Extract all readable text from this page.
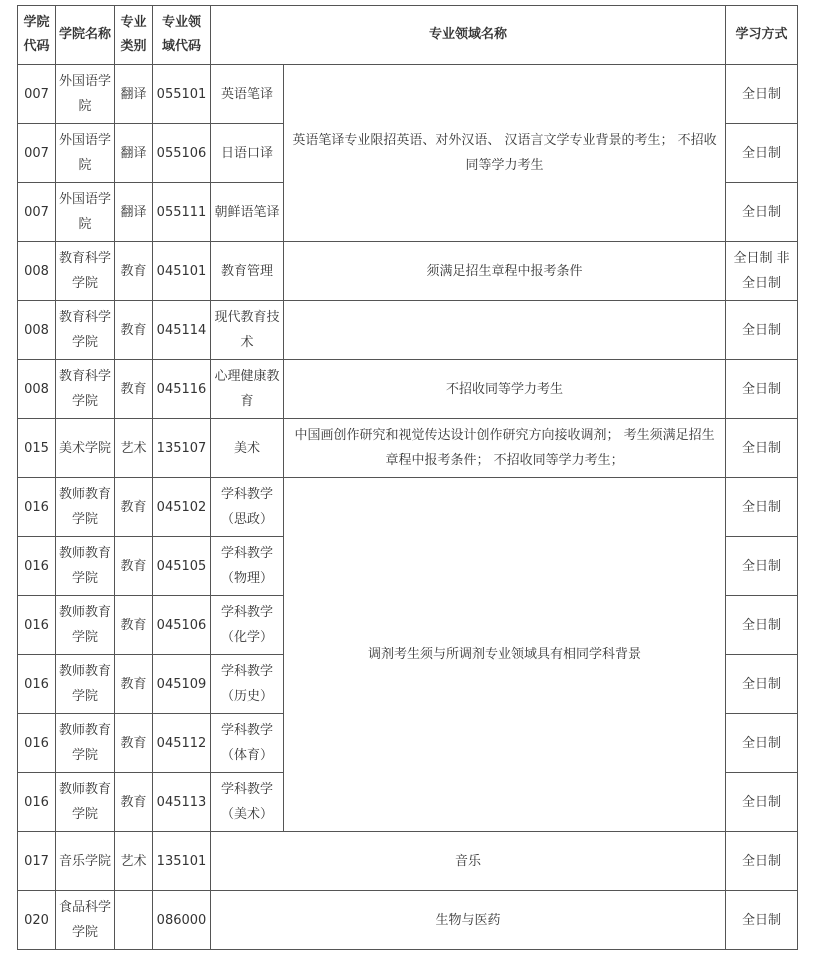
学院代码	学院名称	专业类别	专业领域代码	专业领域名称		学习方式
007	外国语学院	翻译	055101	英语笔译	英语笔译专业限招英语、对外汉语、 汉语言文学专业背景的考生； 不招收同等学力考生	全日制
007	外国语学院	翻译	055106	日语口译		全日制
007	外国语学院	翻译	055111	朝鲜语笔译		全日制
008	教育科学学院	教育	045101	教育管理	须满足招生章程中报考条件	全日制 非全日制
008	教育科学学院	教育	045114	现代教育技术		全日制
008	教育科学学院	教育	045116	心理健康教育	不招收同等学力考生	全日制
015	美术学院	艺术	135107	美术	中国画创作研究和视觉传达设计创作研究方向接收调剂； 考生须满足招生章程中报考条件； 不招收同等学力考生；	全日制
016	教师教育学院	教育	045102	学科教学（思政）	调剂考生须与所调剂专业领域具有相同学科背景	全日制
016	教师教育学院	教育	045105	学科教学（物理）		全日制
016	教师教育学院	教育	045106	学科教学（化学）		全日制
016	教师教育学院	教育	045109	学科教学（历史）		全日制
016	教师教育学院	教育	045112	学科教学（体育）		全日制
016	教师教育学院	教育	045113	学科教学（美术）		全日制
017	音乐学院	艺术	135101	音乐		全日制
020	食品科学学院		086000	生物与医药		全日制
